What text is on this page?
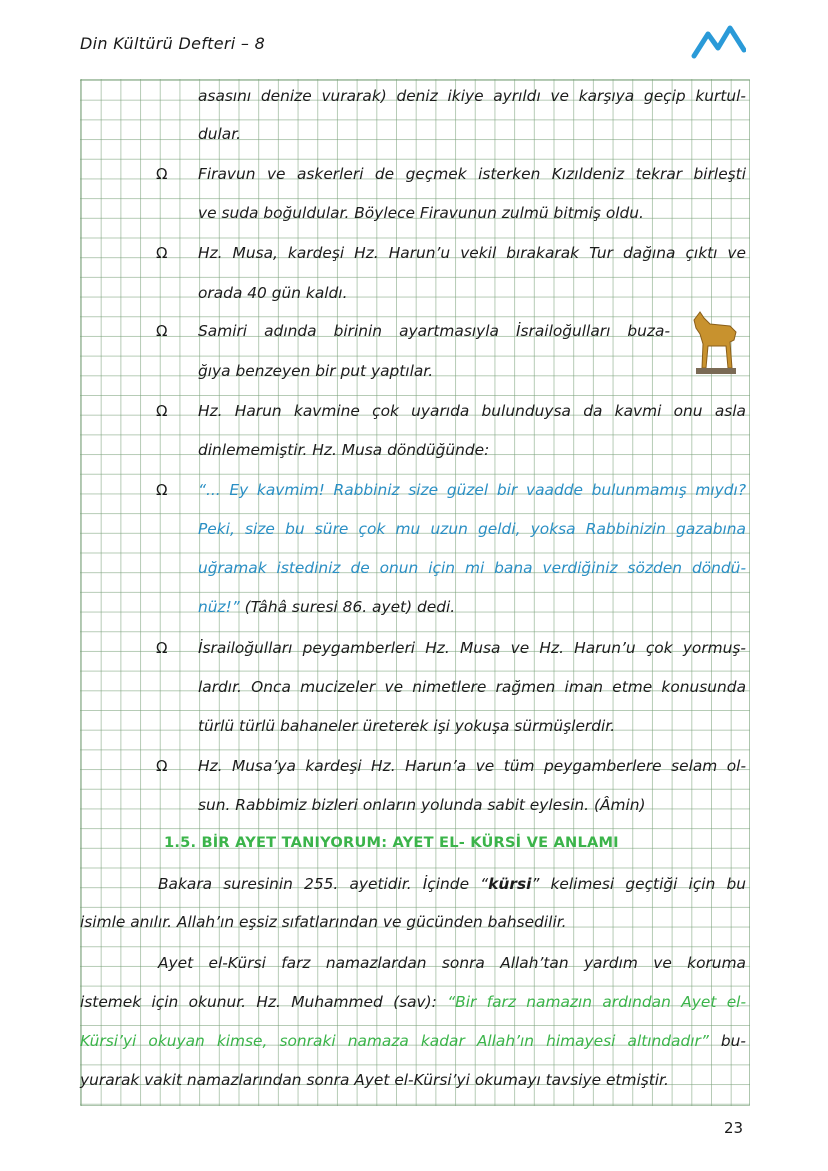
Din Kültürü Defteri – 8
asasını denize vurarak) deniz ikiye ayrıldı ve karşıya geçip kurtul-
dular.
Ω Firavun ve askerleri de geçmek isterken Kızıldeniz tekrar birleşti
ve suda boğuldular. Böylece Firavunun zulmü bitmiş oldu.
Ω Hz. Musa, kardeşi Hz. Harun’u vekil bırakarak Tur dağına çıktı ve
orada 40 gün kaldı.
Ω Samiri adında birinin ayartmasıyla İsrailoğulları buza-
ğıya benzeyen bir put yaptılar.
Ω Hz. Harun kavmine çok uyarıda bulunduysa da kavmi onu asla
dinlememiştir. Hz. Musa döndüğünde:
Ω “... Ey kavmim! Rabbiniz size güzel bir vaadde bulunmamış mıydı?
Peki, size bu süre çok mu uzun geldi, yoksa Rabbinizin gazabına
uğramak istediniz de onun için mi bana verdiğiniz sözden döndü-
nüz!” (Tâhâ suresi 86. ayet) dedi.
Ω İsrailoğulları peygamberleri Hz. Musa ve Hz. Harun’u çok yormuş-
lardır. Onca mucizeler ve nimetlere rağmen iman etme konusunda
türlü türlü bahaneler üreterek işi yokuşa sürmüşlerdir.
Ω Hz. Musa’ya kardeşi Hz. Harun’a ve tüm peygamberlere selam ol-
sun. Rabbimiz bizleri onların yolunda sabit eylesin. (Âmin)
1.5. BİR AYET TANIYORUM: AYET EL- KÜRSİ VE ANLAMI
Bakara suresinin 255. ayetidir. İçinde “kürsi” kelimesi geçtiği için bu
isimle anılır. Allah’ın eşsiz sıfatlarından ve gücünden bahsedilir.
Ayet el-Kürsi farz namazlardan sonra Allah’tan yardım ve koruma
istemek için okunur. Hz. Muhammed (sav): “Bir farz namazın ardından Ayet el-
Kürsi’yi okuyan kimse, sonraki namaza kadar Allah’ın himayesi altındadır” bu-
yurarak vakit namazlarından sonra Ayet el-Kürsi’yi okumayı tavsiye etmiştir.
23
